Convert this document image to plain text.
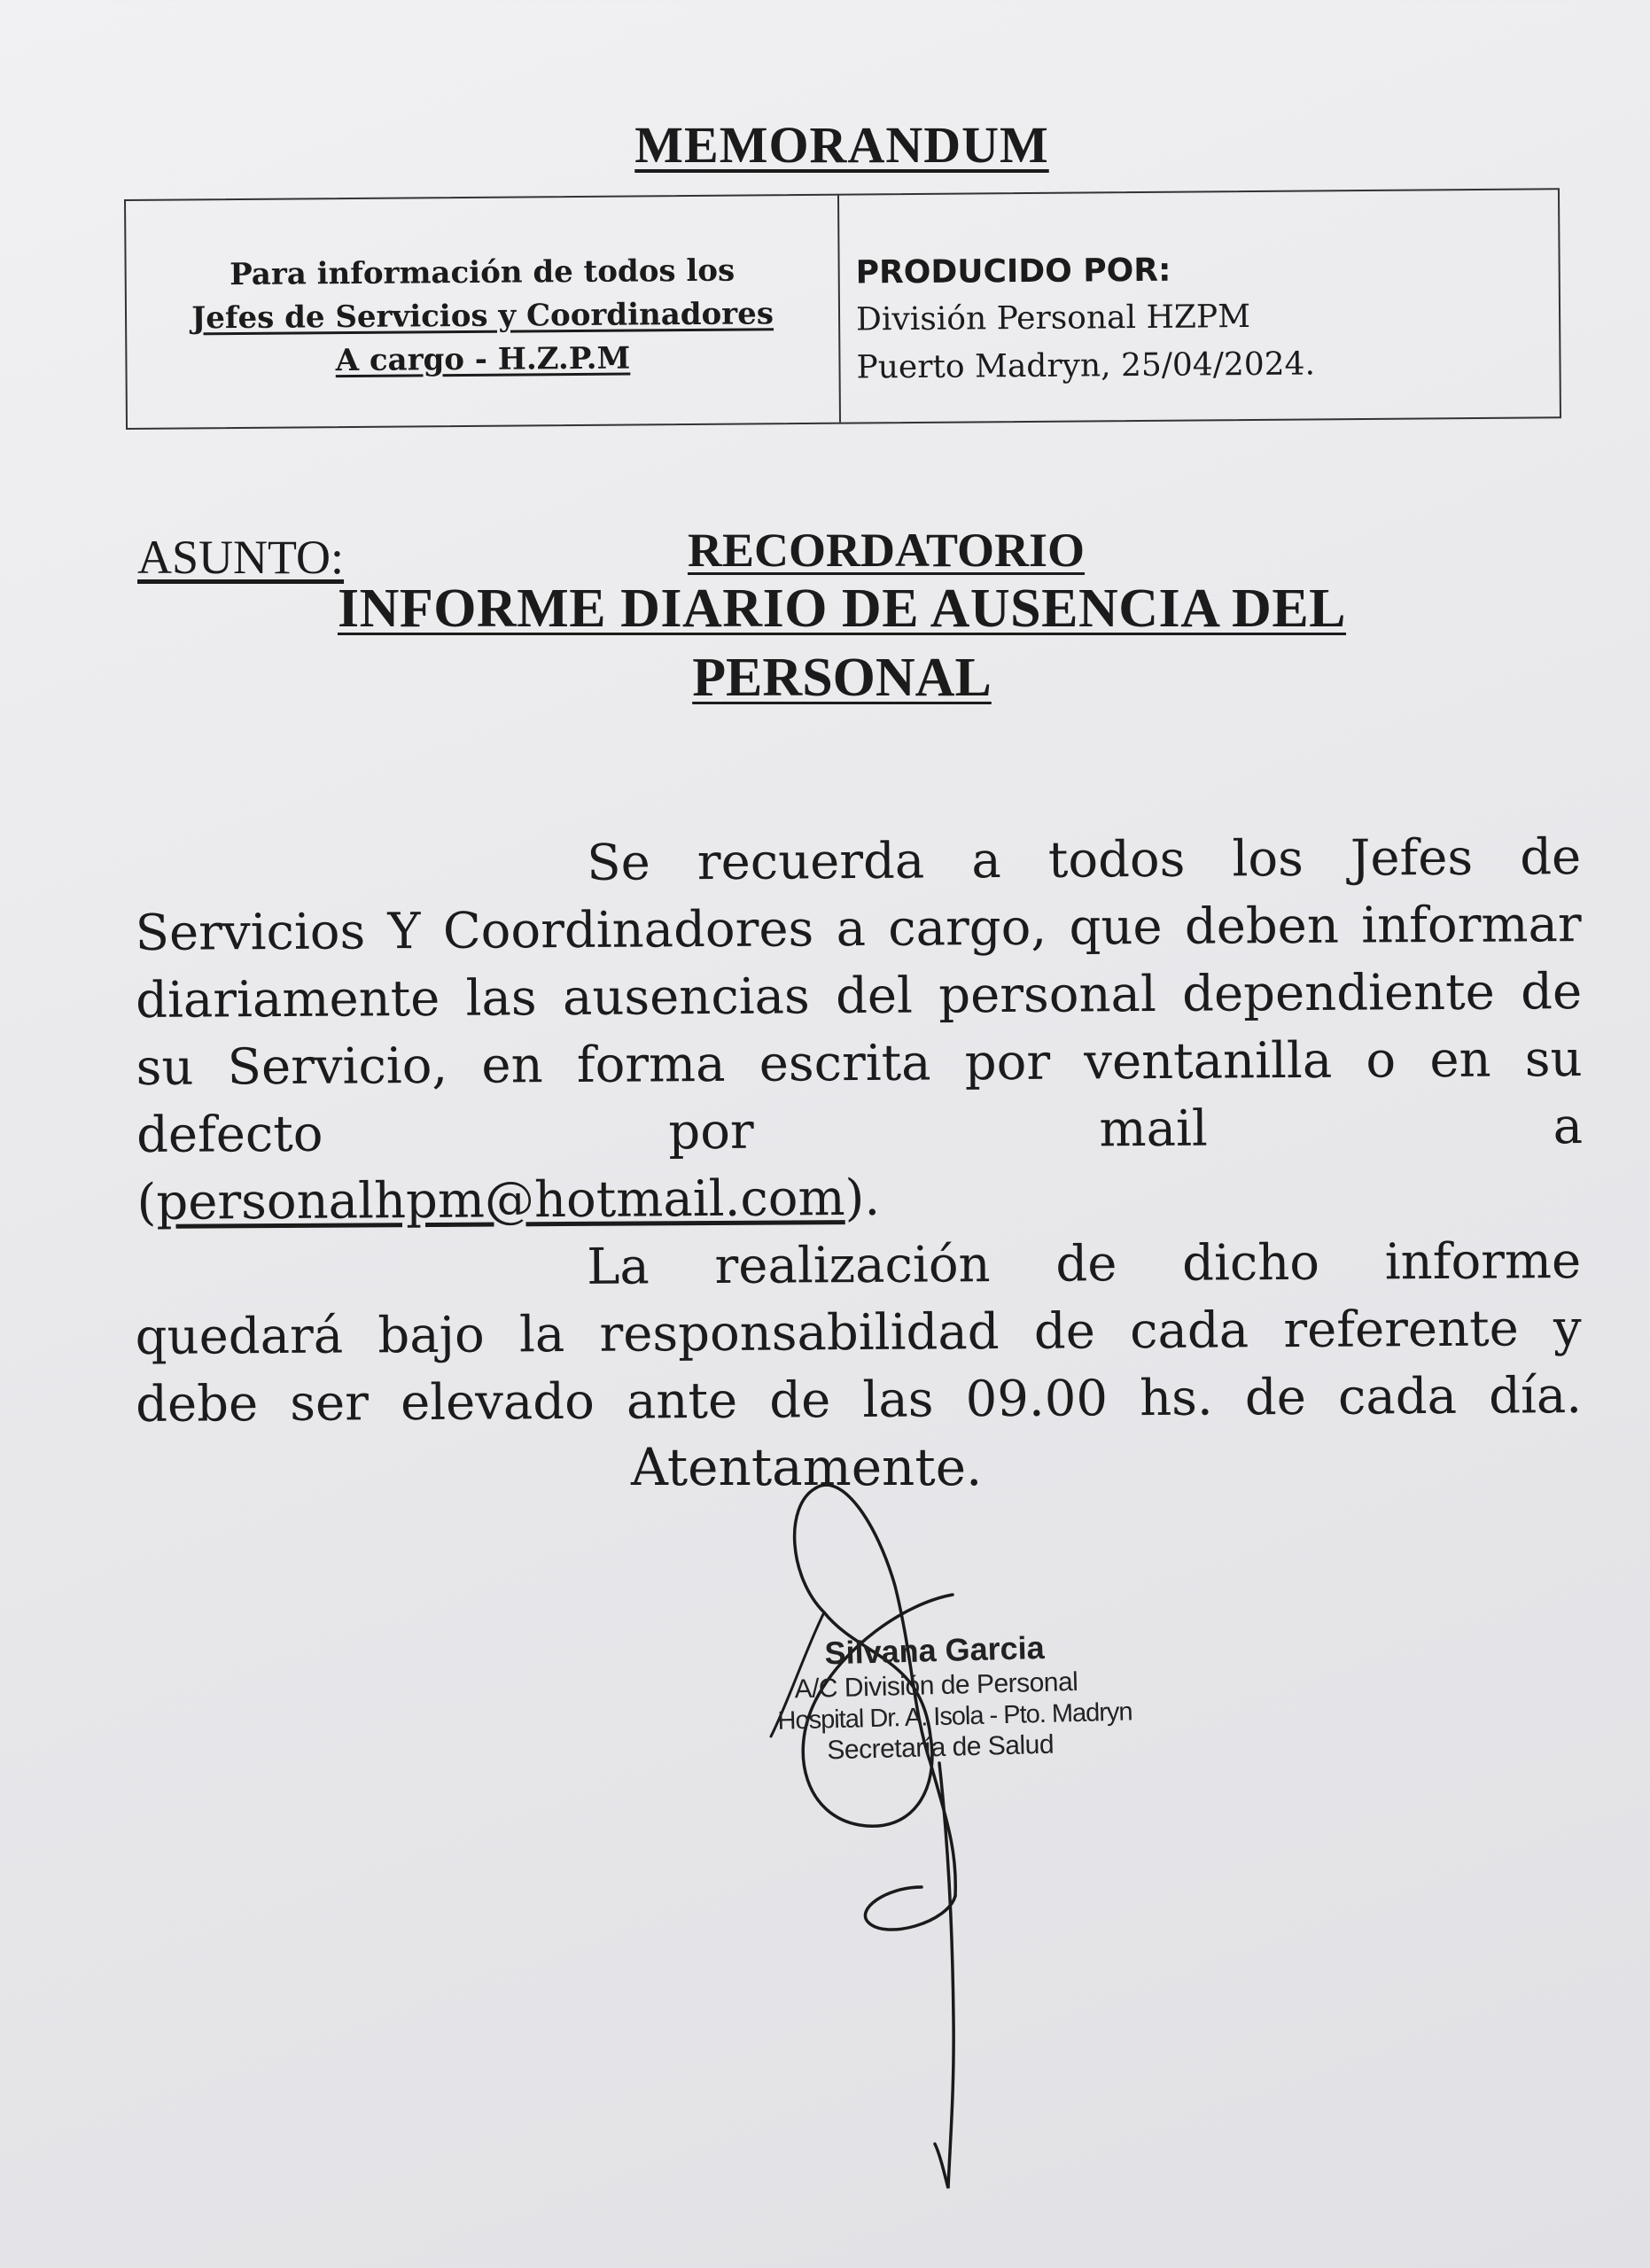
MEMORANDUM
Para información de todos los
Jefes de Servicios y Coordinadores
A cargo - H.Z.P.M
PRODUCIDO POR:
División Personal HZPM
Puerto Madryn, 25/04/2024.
ASUNTO:	RECORDATORIO
INFORME DIARIO DE AUSENCIA DEL
PERSONAL
Se recuerda a todos los Jefes de Servicios Y Coordinadores a cargo, que deben informar diariamente las ausencias del personal dependiente de su Servicio, en forma escrita por ventanilla o en su defecto por mail a
(personalhpm@hotmail.com).
La realización de dicho informe quedará bajo la responsabilidad de cada referente y debe ser elevado ante de las 09.00 hs. de cada día.
Atentamente.
Silvana Garcia
A/C División de Personal
Hospital Dr. A. Isola - Pto. Madryn
Secretaría de Salud
